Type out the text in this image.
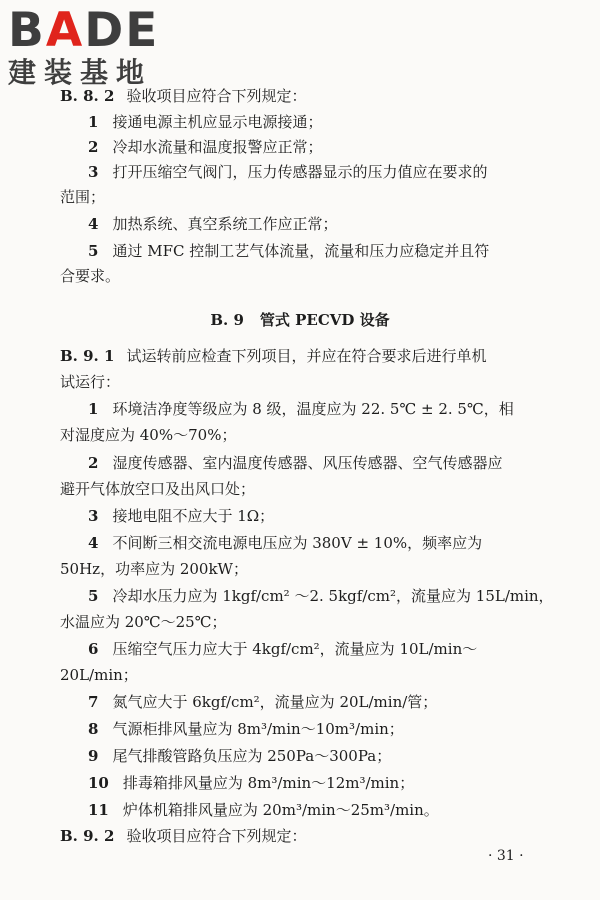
BADE
建装基地
B. 8. 2 验收项目应符合下列规定：
1 接通电源主机应显示电源接通；
2 冷却水流量和温度报警应正常；
3 打开压缩空气阀门，压力传感器显示的压力值应在要求的
范围；
4 加热系统、真空系统工作应正常；
5 通过 MFC 控制工艺气体流量，流量和压力应稳定并且符
合要求。
B. 9 管式 PECVD 设备
B. 9. 1 试运转前应检查下列项目，并应在符合要求后进行单机
试运行：
1 环境洁净度等级应为 8 级，温度应为 22. 5℃ ± 2. 5℃，相
对湿度应为 40%～70%；
2 湿度传感器、室内温度传感器、风压传感器、空气传感器应
避开气体放空口及出风口处；
3 接地电阻不应大于 1Ω；
4 不间断三相交流电源电压应为 380V ± 10%，频率应为
50Hz，功率应为 200kW；
5 冷却水压力应为 1kgf/cm² ～2. 5kgf/cm²，流量应为 15L/min，
水温应为 20℃～25℃；
6 压缩空气压力应大于 4kgf/cm²，流量应为 10L/min～
20L/min；
7 氮气应大于 6kgf/cm²，流量应为 20L/min/管；
8 气源柜排风量应为 8m³/min～10m³/min；
9 尾气排酸管路负压应为 250Pa～300Pa；
10 排毒箱排风量应为 8m³/min～12m³/min；
11 炉体机箱排风量应为 20m³/min～25m³/min。
B. 9. 2 验收项目应符合下列规定：
· 31 ·
